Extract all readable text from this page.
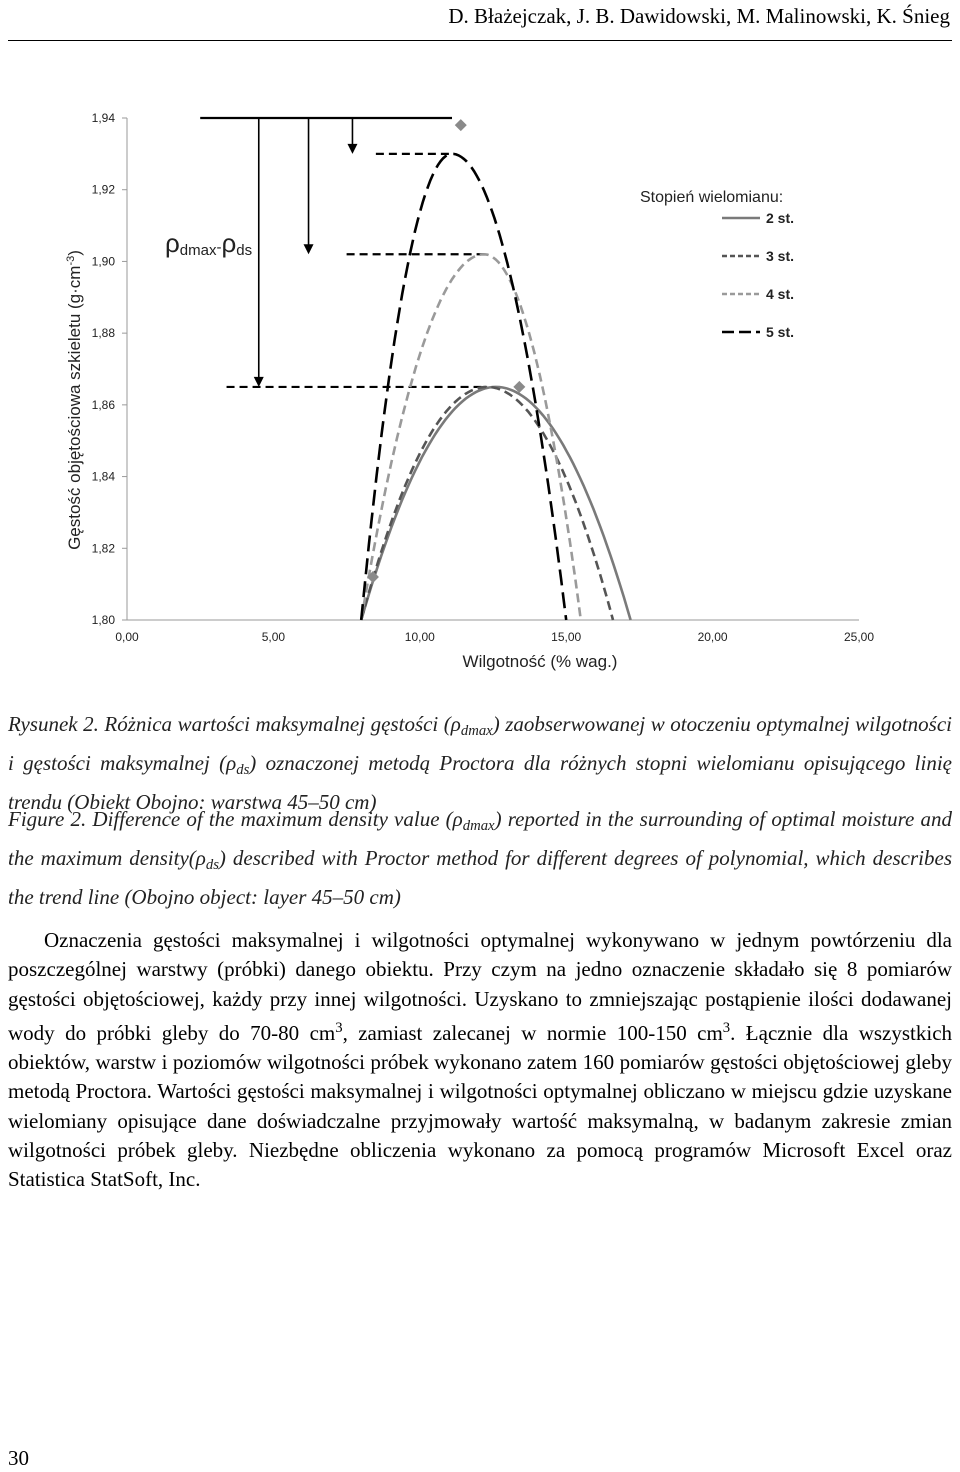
D. Błażejczak, J. B. Dawidowski, M. Malinowski, K. Śnieg
0,00	5,00	10,00	15,00	20,00	25,00
1,80
1,82
1,84
1,86
1,88
1,90
1,92
1,94
Stopień wielomianu:
2 st.
3 st.
4 st.
5 st.
ρdmax-ρds
Wilgotność (% wag.)
Gęstość objętościowa szkieletu $(g\cdot cm^{-3})$

Rysunek 2. Różnica wartości maksymalnej gęstości $(\rho_{dmax})$ zaobserwowanej w otoczeniu optymalnej wilgotności i gęstości maksymalnej $(\rho_{ds})$ oznaczonej metodą Proctora dla różnych stopni wielomianu opisującego linię trendu (Obiekt Obojno: warstwa 45–50 cm)

Figure 2. Difference of the maximum density value $(\rho_{dmax})$ reported in the surrounding of optimal moisture and the maximum $density(\rho_{ds})$ described with Proctor method for different degrees of polynomial, which describes the trend line (Obojno object: layer 45–50 cm)

Oznaczenia gęstości maksymalnej i wilgotności optymalnej wykonywano w jednym powtórzeniu dla poszczególnej warstwy (próbki) danego obiektu. Przy czym na jedno oznaczenie składało się 8 pomiarów gęstości objętościowej, każdy przy innej wilgotności. Uzyskano to zmniejszając postąpienie ilości dodawanej wody do próbki gleby do 70-80 $cm^3$, zamiast zalecanej w normie 100-150 $cm^3$. Łącznie dla wszystkich obiektów, warstw i poziomów wilgotności próbek wykonano zatem 160 pomiarów gęstości objętościowej gleby metodą Proctora. Wartości gęstości maksymalnej i wilgotności optymalnej obliczano w miejscu gdzie uzyskane wielomiany opisujące dane doświadczalne przyjmowały wartość maksymalną, w badanym zakresie zmian wilgotności próbek gleby. Niezbędne obliczenia wykonano za pomocą programów Microsoft Excel oraz Statistica StatSoft, Inc.

30
